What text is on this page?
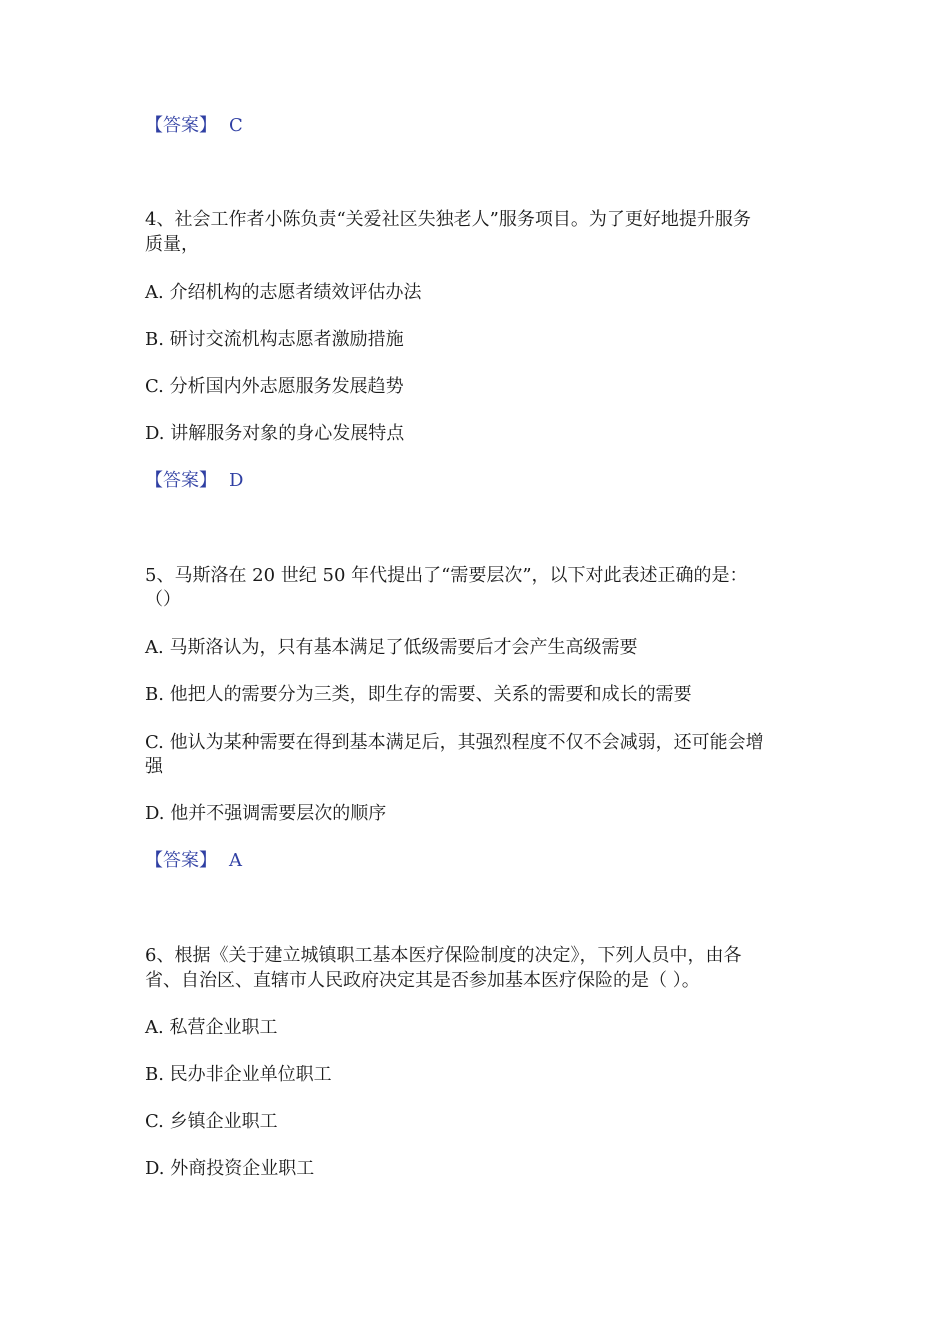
【答案】 C
4、社会工作者小陈负责“关爱社区失独老人”服务项目。为了更好地提升服务
质量，
A. 介绍机构的志愿者绩效评估办法
B. 研讨交流机构志愿者激励措施
C. 分析国内外志愿服务发展趋势
D. 讲解服务对象的身心发展特点
【答案】 D
5、马斯洛在 20 世纪 50 年代提出了“需要层次”，以下对此表述正确的是：
（）
A. 马斯洛认为，只有基本满足了低级需要后才会产生高级需要
B. 他把人的需要分为三类，即生存的需要、关系的需要和成长的需要
C. 他认为某种需要在得到基本满足后，其强烈程度不仅不会减弱，还可能会增
强
D. 他并不强调需要层次的顺序
【答案】 A
6、根据《关于建立城镇职工基本医疗保险制度的决定》，下列人员中，由各
省、自治区、直辖市人民政府决定其是否参加基本医疗保险的是（ ）。
A. 私营企业职工
B. 民办非企业单位职工
C. 乡镇企业职工
D. 外商投资企业职工
